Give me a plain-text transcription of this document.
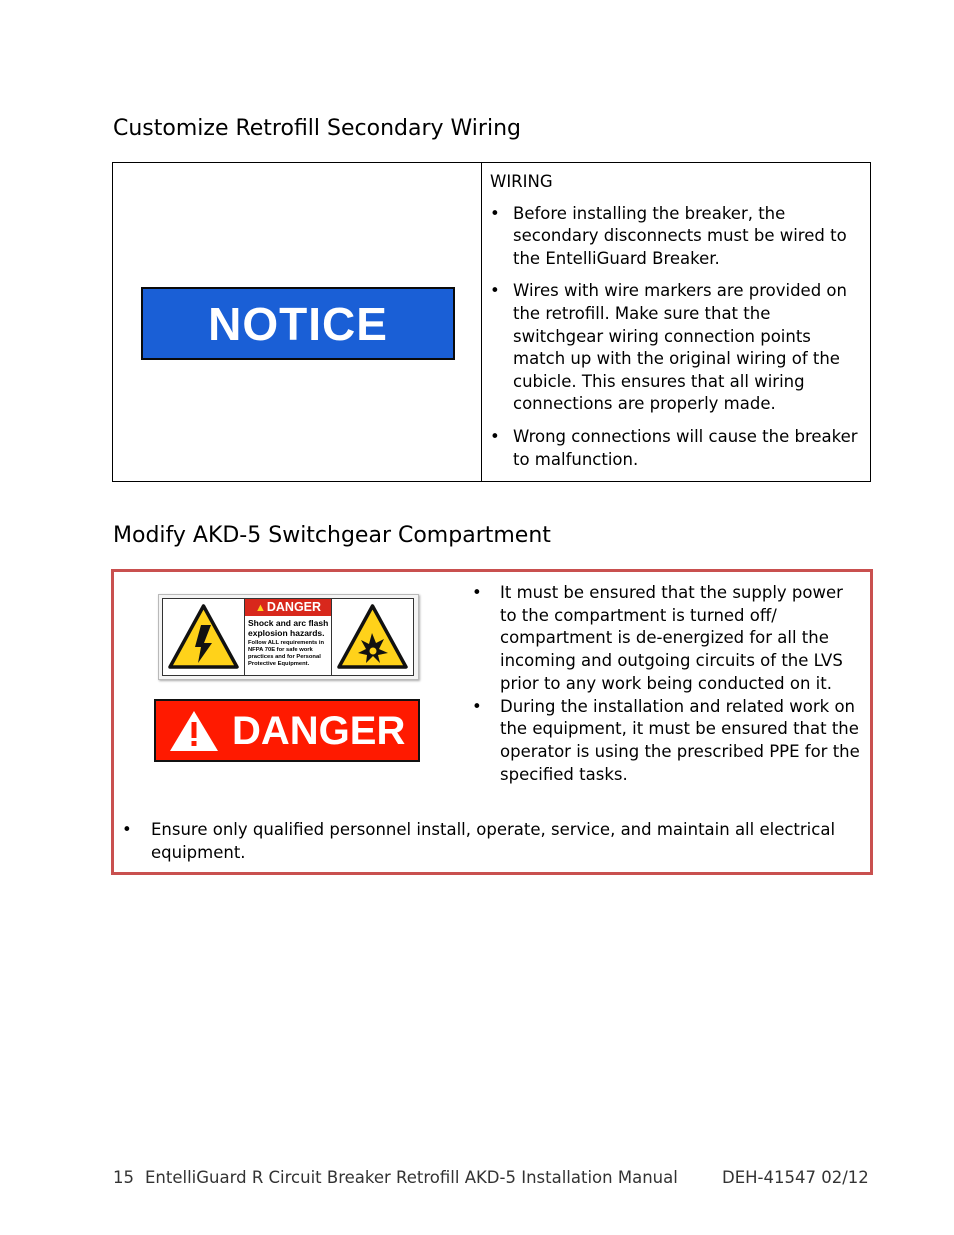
Customize Retrofill Secondary Wiring
NOTICE
WIRING
• Before installing the breaker, the secondary disconnects must be wired to the EntelliGuard Breaker.
• Wires with wire markers are provided on the retrofill. Make sure that the switchgear wiring connection points match up with the original wiring of the cubicle. This ensures that all wiring connections are properly made.
• Wrong connections will cause the breaker to malfunction.
Modify AKD-5 Switchgear Compartment
▲DANGER
Shock and arc flash explosion hazards.
Follow ALL requirements in NFPA 70E for safe work practices and for Personal Protective Equipment.
DANGER
• It must be ensured that the supply power to the compartment is turned off/ compartment is de-energized for all the incoming and outgoing circuits of the LVS prior to any work being conducted on it.
• During the installation and related work on the equipment, it must be ensured that the operator is using the prescribed PPE for the specified tasks.
•	Ensure only qualified personnel install, operate, service, and maintain all electrical equipment.
15 EntelliGuard R Circuit Breaker Retrofill AKD-5 Installation Manual	DEH-41547 02/12
